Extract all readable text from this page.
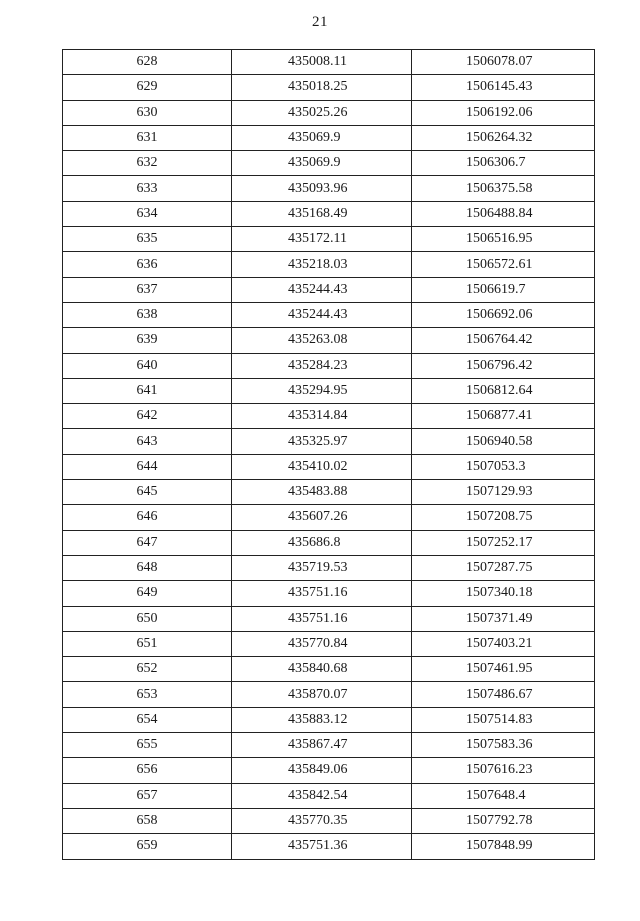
21
628	435008.11	1506078.07
629	435018.25	1506145.43
630	435025.26	1506192.06
631	435069.9	1506264.32
632	435069.9	1506306.7
633	435093.96	1506375.58
634	435168.49	1506488.84
635	435172.11	1506516.95
636	435218.03	1506572.61
637	435244.43	1506619.7
638	435244.43	1506692.06
639	435263.08	1506764.42
640	435284.23	1506796.42
641	435294.95	1506812.64
642	435314.84	1506877.41
643	435325.97	1506940.58
644	435410.02	1507053.3
645	435483.88	1507129.93
646	435607.26	1507208.75
647	435686.8	1507252.17
648	435719.53	1507287.75
649	435751.16	1507340.18
650	435751.16	1507371.49
651	435770.84	1507403.21
652	435840.68	1507461.95
653	435870.07	1507486.67
654	435883.12	1507514.83
655	435867.47	1507583.36
656	435849.06	1507616.23
657	435842.54	1507648.4
658	435770.35	1507792.78
659	435751.36	1507848.99
